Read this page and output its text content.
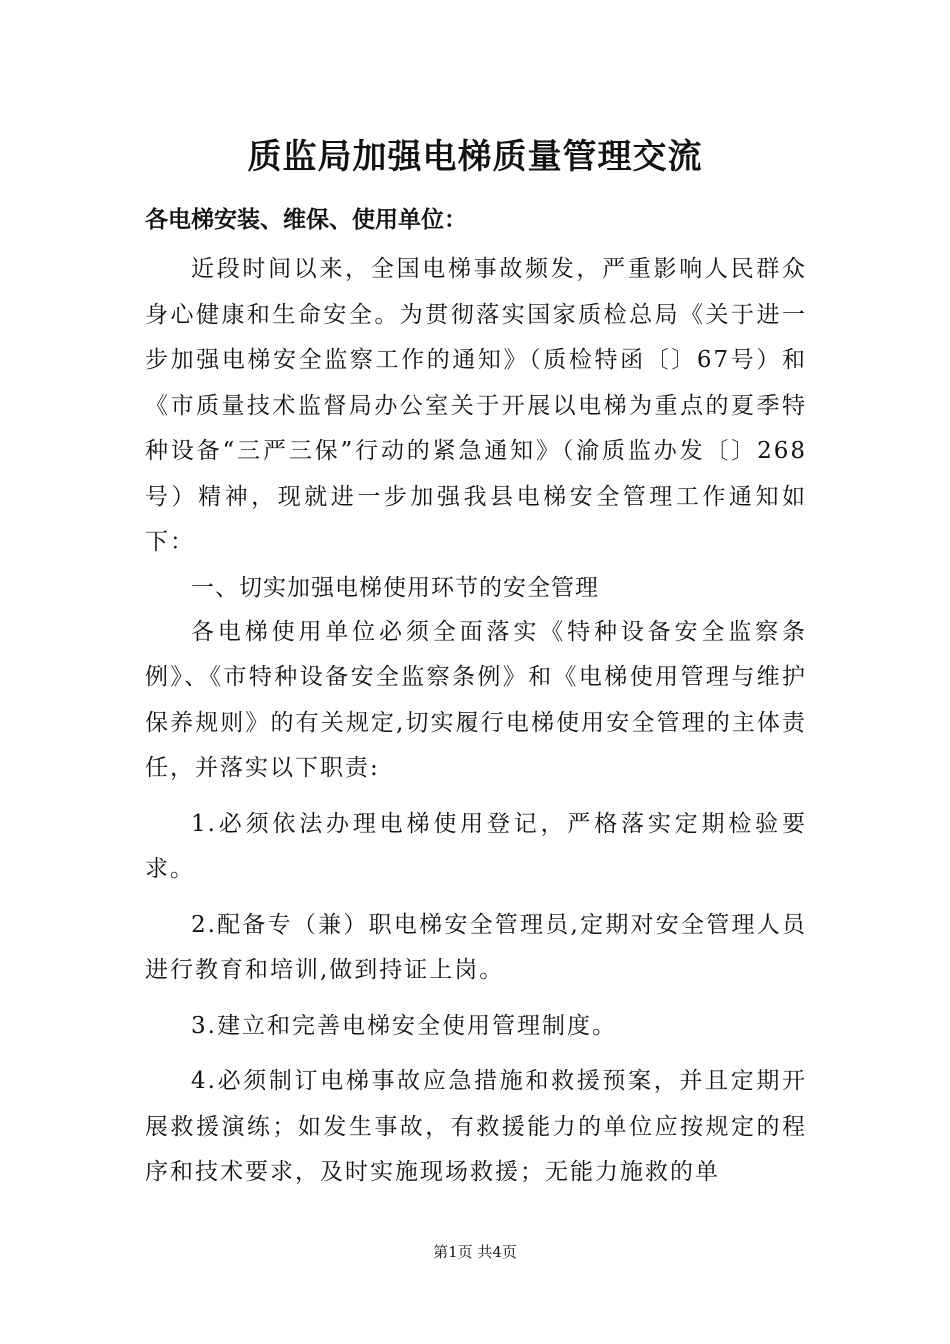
质监局加强电梯质量管理交流
各电梯安装、维保、使用单位：

近段时间以来，全国电梯事故频发，严重影响人民群众身心健康和生命安全。为贯彻落实国家质检总局《关于进一步加强电梯安全监察工作的通知》（质检特函〔〕67号）和《市质量技术监督局办公室关于开展以电梯为重点的夏季特种设备“三严三保”行动的紧急通知》（渝质监办发〔〕268号）精神，现就进一步加强我县电梯安全管理工作通知如下：

一、切实加强电梯使用环节的安全管理

各电梯使用单位必须全面落实《特种设备安全监察条例》、《市特种设备安全监察条例》和《电梯使用管理与维护保养规则》的有关规定,切实履行电梯使用安全管理的主体责任，并落实以下职责:

1.必须依法办理电梯使用登记，严格落实定期检验要求。

2.配备专（兼）职电梯安全管理员,定期对安全管理人员进行教育和培训,做到持证上岗。

3.建立和完善电梯安全使用管理制度。

4.必须制订电梯事故应急措施和救援预案，并且定期开展救援演练；如发生事故，有救援能力的单位应按规定的程序和技术要求，及时实施现场救援；无能力施救的单

第1页 共4页
